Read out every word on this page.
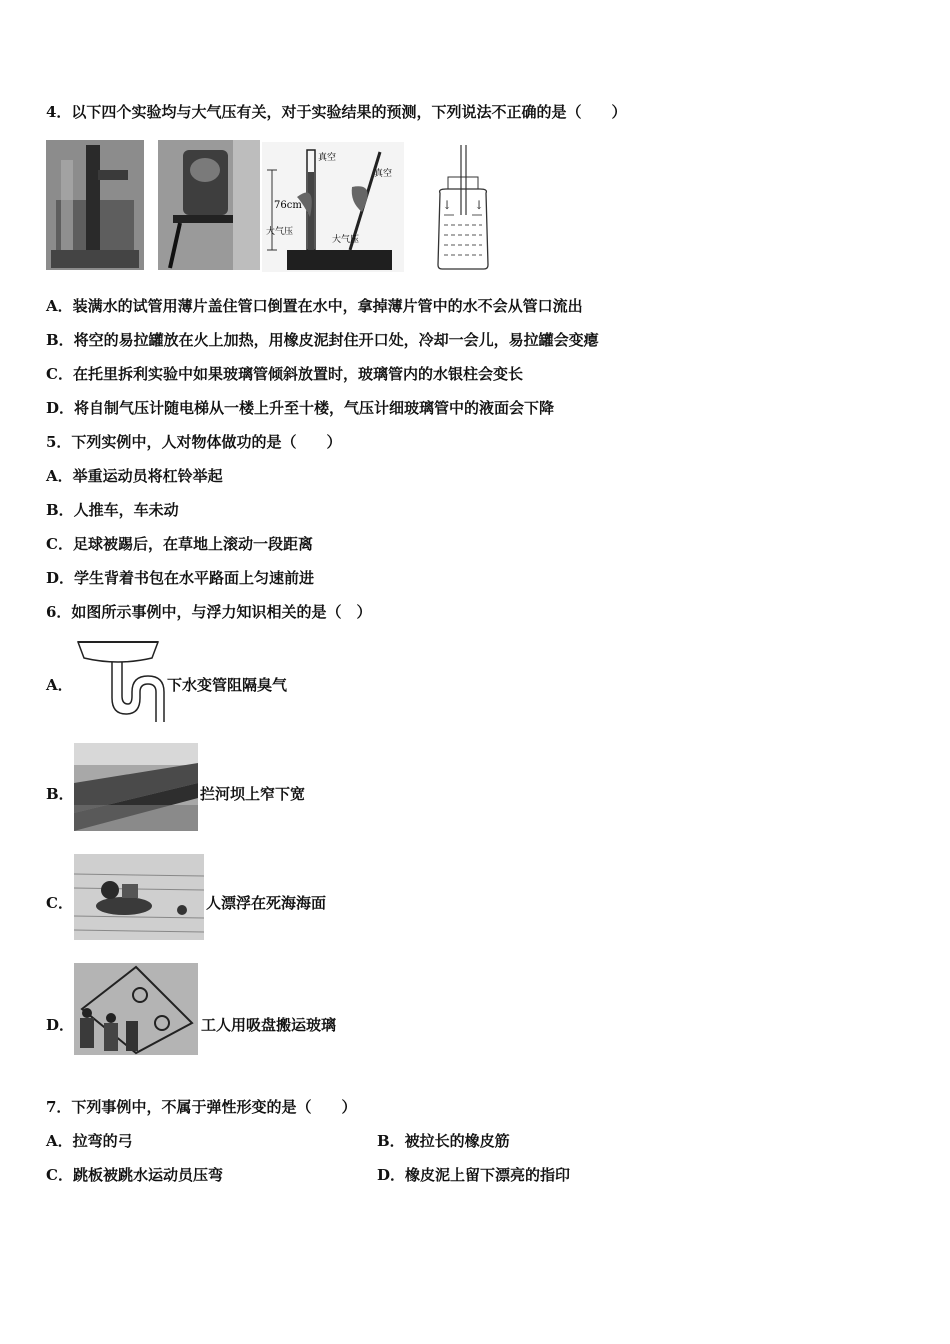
4．以下四个实验均与大气压有关，对于实验结果的预测，下列说法不正确的是（　　）
76cm
真空
真空
大气压
大气压
↓ ↓
A．装满水的试管用薄片盖住管口倒置在水中，拿掉薄片管中的水不会从管口流出
B．将空的易拉罐放在火上加热，用橡皮泥封住开口处，冷却一会儿，易拉罐会变瘪
C．在托里拆利实验中如果玻璃管倾斜放置时，玻璃管内的水银柱会变长
D．将自制气压计随电梯从一楼上升至十楼，气压计细玻璃管中的液面会下降
5．下列实例中，人对物体做功的是（　　）
A．举重运动员将杠铃举起
B．人推车，车未动
C．足球被踢后，在草地上滚动一段距离
D．学生背着书包在水平路面上匀速前进
6．如图所示事例中，与浮力知识相关的是（　）
A．	下水变管阻隔臭气
B．	拦河坝上窄下宽
C．	人漂浮在死海海面
D．	工人用吸盘搬运玻璃
7．下列事例中，不属于弹性形变的是（　　）
A．拉弯的弓	B．被拉长的橡皮筋
C．跳板被跳水运动员压弯	D．橡皮泥上留下漂亮的指印
